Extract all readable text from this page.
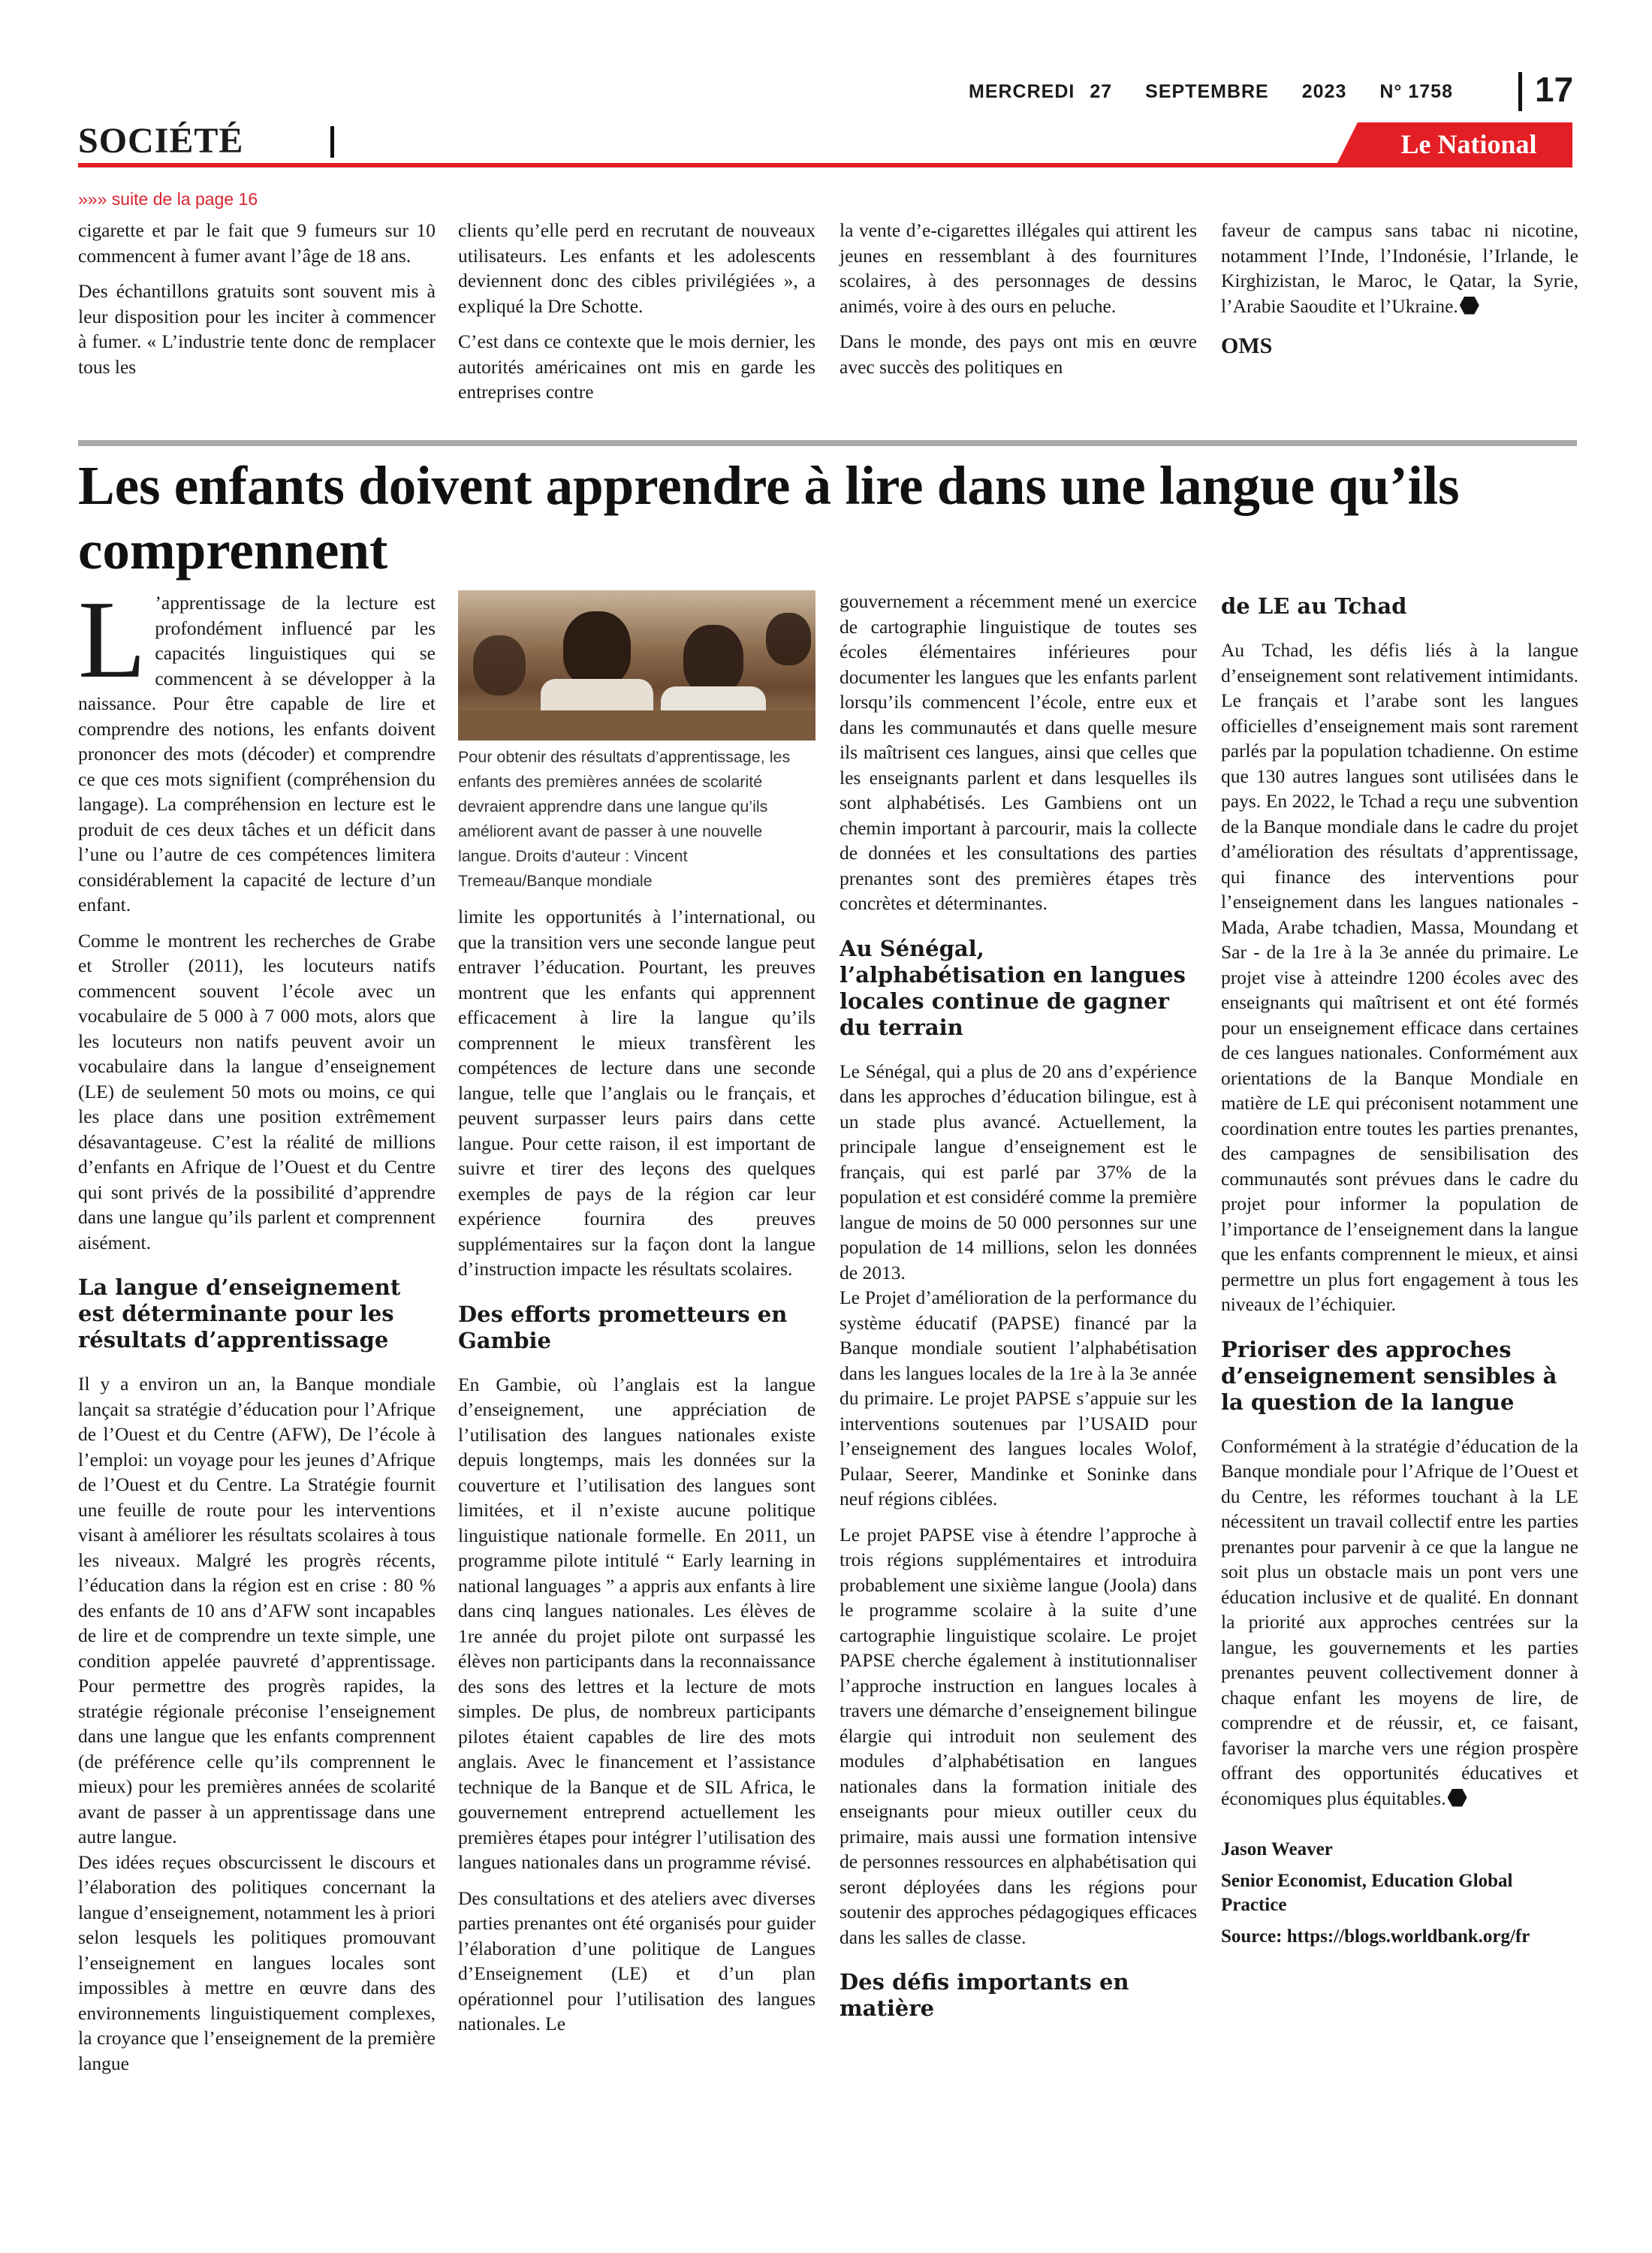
MERCREDI 27 SEPTEMBRE 2023 N° 1758 17
SOCIÉTÉ	Le National
»»» suite de la page 16

cigarette et par le fait que 9 fumeurs sur 10 commencent à fumer avant l’âge de 18 ans.

Des échantillons gratuits sont souvent mis à leur disposition pour les inciter à commencer à fumer. « L’industrie tente donc de remplacer tous les

clients qu’elle perd en recrutant de nouveaux utilisateurs. Les enfants et les adolescents deviennent donc des cibles privilégiées », a expliqué la Dre Schotte.

C’est dans ce contexte que le mois dernier, les autorités américaines ont mis en garde les entreprises contre

la vente d’e-cigarettes illégales qui attirent les jeunes en ressemblant à des fournitures scolaires, à des personnages de dessins animés, voire à des ours en peluche.

Dans le monde, des pays ont mis en œuvre avec succès des politiques en

faveur de campus sans tabac ni nicotine, notamment l’Inde, l’Indonésie, l’Irlande, le Kirghizistan, le Maroc, le Qatar, la Syrie, l’Arabie Saoudite et l’Ukraine.

OMS
Les enfants doivent apprendre à lire dans une langue qu’ils comprennent

L ’apprentissage de la lecture est profondément influencé par les capacités linguistiques qui se commencent à se développer à la naissance. Pour être capable de lire et comprendre des notions, les enfants doivent prononcer des mots (décoder) et comprendre ce que ces mots signifient (compréhension du langage). La compréhension en lecture est le produit de ces deux tâches et un déficit dans l’une ou l’autre de ces compétences limitera considérablement la capacité de lecture d’un enfant.

Comme le montrent les recherches de Grabe et Stroller (2011), les locuteurs natifs commencent souvent l’école avec un vocabulaire de 5 000 à 7 000 mots, alors que les locuteurs non natifs peuvent avoir un vocabulaire dans la langue d’enseignement (LE) de seulement 50 mots ou moins, ce qui les place dans une position extrêmement désavantageuse. C’est la réalité de millions d’enfants en Afrique de l’Ouest et du Centre qui sont privés de la possibilité d’apprendre dans une langue qu’ils parlent et comprennent aisément.

La langue d’enseignement est déterminante pour les résultats d’apprentissage

Il y a environ un an, la Banque mondiale lançait sa stratégie d’éducation pour l’Afrique de l’Ouest et du Centre (AFW), De l’école à l’emploi: un voyage pour les jeunes d’Afrique de l’Ouest et du Centre. La Stratégie fournit une feuille de route pour les interventions visant à améliorer les résultats scolaires à tous les niveaux. Malgré les progrès récents, l’éducation dans la région est en crise : 80 % des enfants de 10 ans d’AFW sont incapables de lire et de comprendre un texte simple, une condition appelée pauvreté d’apprentissage. Pour permettre des progrès rapides, la stratégie régionale préconise l’enseignement dans une langue que les enfants comprennent (de préférence celle qu’ils comprennent le mieux) pour les premières années de scolarité avant de passer à un apprentissage dans une autre langue.

Des idées reçues obscurcissent le discours et l’élaboration des politiques concernant la langue d’enseignement, notamment les à priori selon lesquels les politiques promouvant l’enseignement en langues locales sont impossibles à mettre en œuvre dans des environnements linguistiquement complexes, la croyance que l’enseignement de la première langue

Pour obtenir des résultats d’apprentissage, les enfants des premières années de scolarité devraient apprendre dans une langue qu’ils améliorent avant de passer à une nouvelle langue. Droits d’auteur : Vincent Tremeau/Banque mondiale

limite les opportunités à l’international, ou que la transition vers une seconde langue peut entraver l’éducation. Pourtant, les preuves montrent que les enfants qui apprennent efficacement à lire la langue qu’ils comprennent le mieux transfèrent les compétences de lecture dans une seconde langue, telle que l’anglais ou le français, et peuvent surpasser leurs pairs dans cette langue. Pour cette raison, il est important de suivre et tirer des leçons des quelques exemples de pays de la région car leur expérience fournira des preuves supplémentaires sur la façon dont la langue d’instruction impacte les résultats scolaires.

Des efforts prometteurs en Gambie

En Gambie, où l’anglais est la langue d’enseignement, une appréciation de l’utilisation des langues nationales existe depuis longtemps, mais les données sur la couverture et l’utilisation des langues sont limitées, et il n’existe aucune politique linguistique nationale formelle. En 2011, un programme pilote intitulé “ Early learning in national languages ” a appris aux enfants à lire dans cinq langues nationales. Les élèves de 1re année du projet pilote ont surpassé les élèves non participants dans la reconnaissance des sons des lettres et la lecture de mots simples. De plus, de nombreux participants pilotes étaient capables de lire des mots anglais. Avec le financement et l’assistance technique de la Banque et de SIL Africa, le gouvernement entreprend actuellement les premières étapes pour intégrer l’utilisation des langues nationales dans un programme révisé.

Des consultations et des ateliers avec diverses parties prenantes ont été organisés pour guider l’élaboration d’une politique de Langues d’Enseignement (LE) et d’un plan opérationnel pour l’utilisation des langues nationales. Le

gouvernement a récemment mené un exercice de cartographie linguistique de toutes ses écoles élémentaires inférieures pour documenter les langues que les enfants parlent lorsqu’ils commencent l’école, entre eux et dans les communautés et dans quelle mesure ils maîtrisent ces langues, ainsi que celles que les enseignants parlent et dans lesquelles ils sont alphabétisés. Les Gambiens ont un chemin important à parcourir, mais la collecte de données et les consultations des parties prenantes sont des premières étapes très concrètes et déterminantes.

Au Sénégal, l’alphabétisation en langues locales continue de gagner du terrain

Le Sénégal, qui a plus de 20 ans d’expérience dans les approches d’éducation bilingue, est à un stade plus avancé. Actuellement, la principale langue d’enseignement est le français, qui est parlé par 37% de la population et est considéré comme la première langue de moins de 50 000 personnes sur une population de 14 millions, selon les données de 2013.

Le Projet d’amélioration de la performance du système éducatif (PAPSE) financé par la Banque mondiale soutient l’alphabétisation dans les langues locales de la 1re à la 3e année du primaire. Le projet PAPSE s’appuie sur les interventions soutenues par l’USAID pour l’enseignement des langues locales Wolof, Pulaar, Seerer, Mandinke et Soninke dans neuf régions ciblées.

Le projet PAPSE vise à étendre l’approche à trois régions supplémentaires et introduira probablement une sixième langue (Joola) dans le programme scolaire à la suite d’une cartographie linguistique scolaire. Le projet PAPSE cherche également à institutionnaliser l’approche instruction en langues locales à travers une démarche d’enseignement bilingue élargie qui introduit non seulement des modules d’alphabétisation en langues nationales dans la formation initiale des enseignants pour mieux outiller ceux du primaire, mais aussi une formation intensive de personnes ressources en alphabétisation qui seront déployées dans les régions pour soutenir des approches pédagogiques efficaces dans les salles de classe.

Des défis importants en matière
de LE au Tchad

Au Tchad, les défis liés à la langue d’enseignement sont relativement intimidants. Le français et l’arabe sont les langues officielles d’enseignement mais sont rarement parlés par la population tchadienne. On estime que 130 autres langues sont utilisées dans le pays. En 2022, le Tchad a reçu une subvention de la Banque mondiale dans le cadre du projet d’amélioration des résultats d’apprentissage, qui finance des interventions pour l’enseignement dans les langues nationales - Mada, Arabe tchadien, Massa, Moundang et Sar - de la 1re à la 3e année du primaire. Le projet vise à atteindre 1200 écoles avec des enseignants qui maîtrisent et ont été formés pour un enseignement efficace dans certaines de ces langues nationales. Conformément aux orientations de la Banque Mondiale en matière de LE qui préconisent notamment une coordination entre toutes les parties prenantes, des campagnes de sensibilisation des communautés sont prévues dans le cadre du projet pour informer la population de l’importance de l’enseignement dans la langue que les enfants comprennent le mieux, et ainsi permettre un plus fort engagement à tous les niveaux de l’échiquier.

Prioriser des approches d’enseignement sensibles à la question de la langue

Conformément à la stratégie d’éducation de la Banque mondiale pour l’Afrique de l’Ouest et du Centre, les réformes touchant à la LE nécessitent un travail collectif entre les parties prenantes pour parvenir à ce que la langue ne soit plus un obstacle mais un pont vers une éducation inclusive et de qualité. En donnant la priorité aux approches centrées sur la langue, les gouvernements et les parties prenantes peuvent collectivement donner à chaque enfant les moyens de lire, de comprendre et de réussir, et, ce faisant, favoriser la marche vers une région prospère offrant des opportunités éducatives et économiques plus équitables.

Jason Weaver
Senior Economist, Education Global Practice
Source: https://blogs.worldbank.org/fr
